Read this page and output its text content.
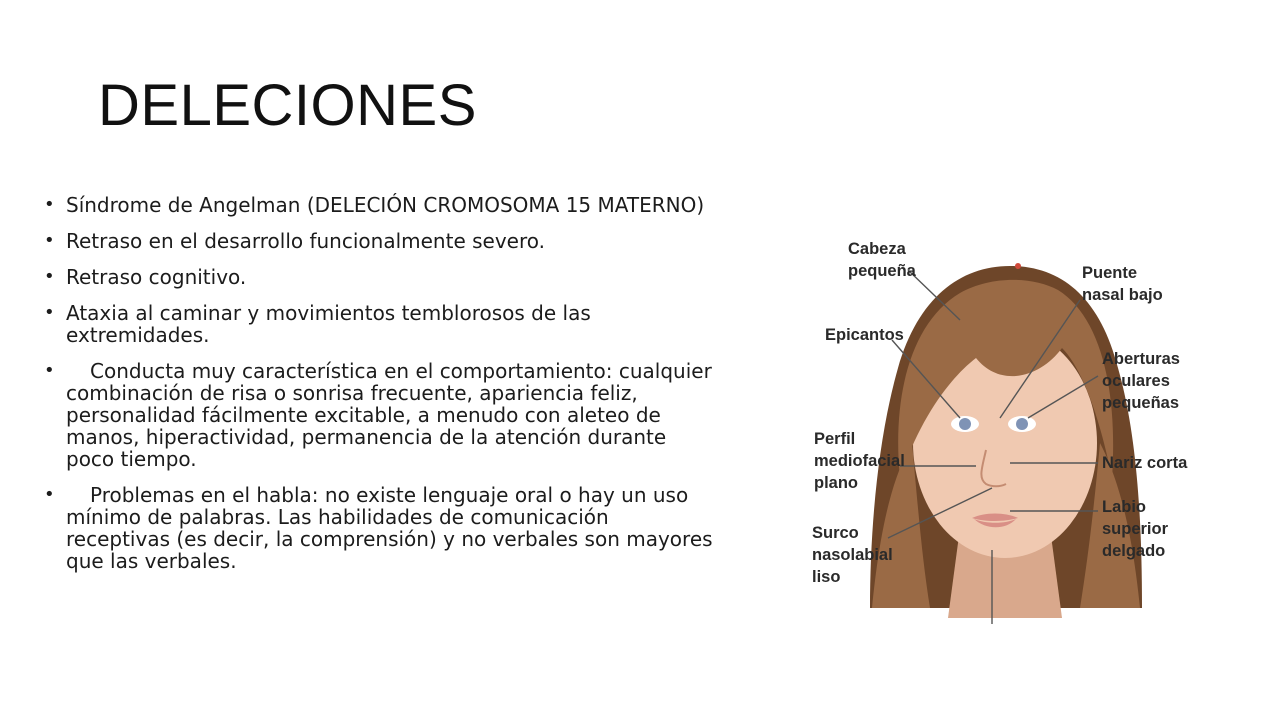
DELECIONES
• Síndrome de Angelman (DELECIÓN CROMOSOMA 15 MATERNO)
• Retraso en el desarrollo funcionalmente severo.
• Retraso cognitivo.
• Ataxia al caminar y movimientos temblorosos de las extremidades.
• Conducta muy característica en el comportamiento: cualquier combinación de risa o sonrisa frecuente, apariencia feliz, personalidad fácilmente excitable, a menudo con aleteo de manos, hiperactividad, permanencia de la atención durante poco tiempo.
• Problemas en el habla: no existe lenguaje oral o hay un uso mínimo de palabras. Las habilidades de comunicación receptivas (es decir, la comprensión) y no verbales son mayores que las verbales.
Cabeza
pequeña	Puente
nasal bajo
Epicantos
Aberturas
oculares
pequeñas
Perfil
mediofacial
plano
Nariz corta
Surco
nasolabial
liso
Labio
superior
delgado
